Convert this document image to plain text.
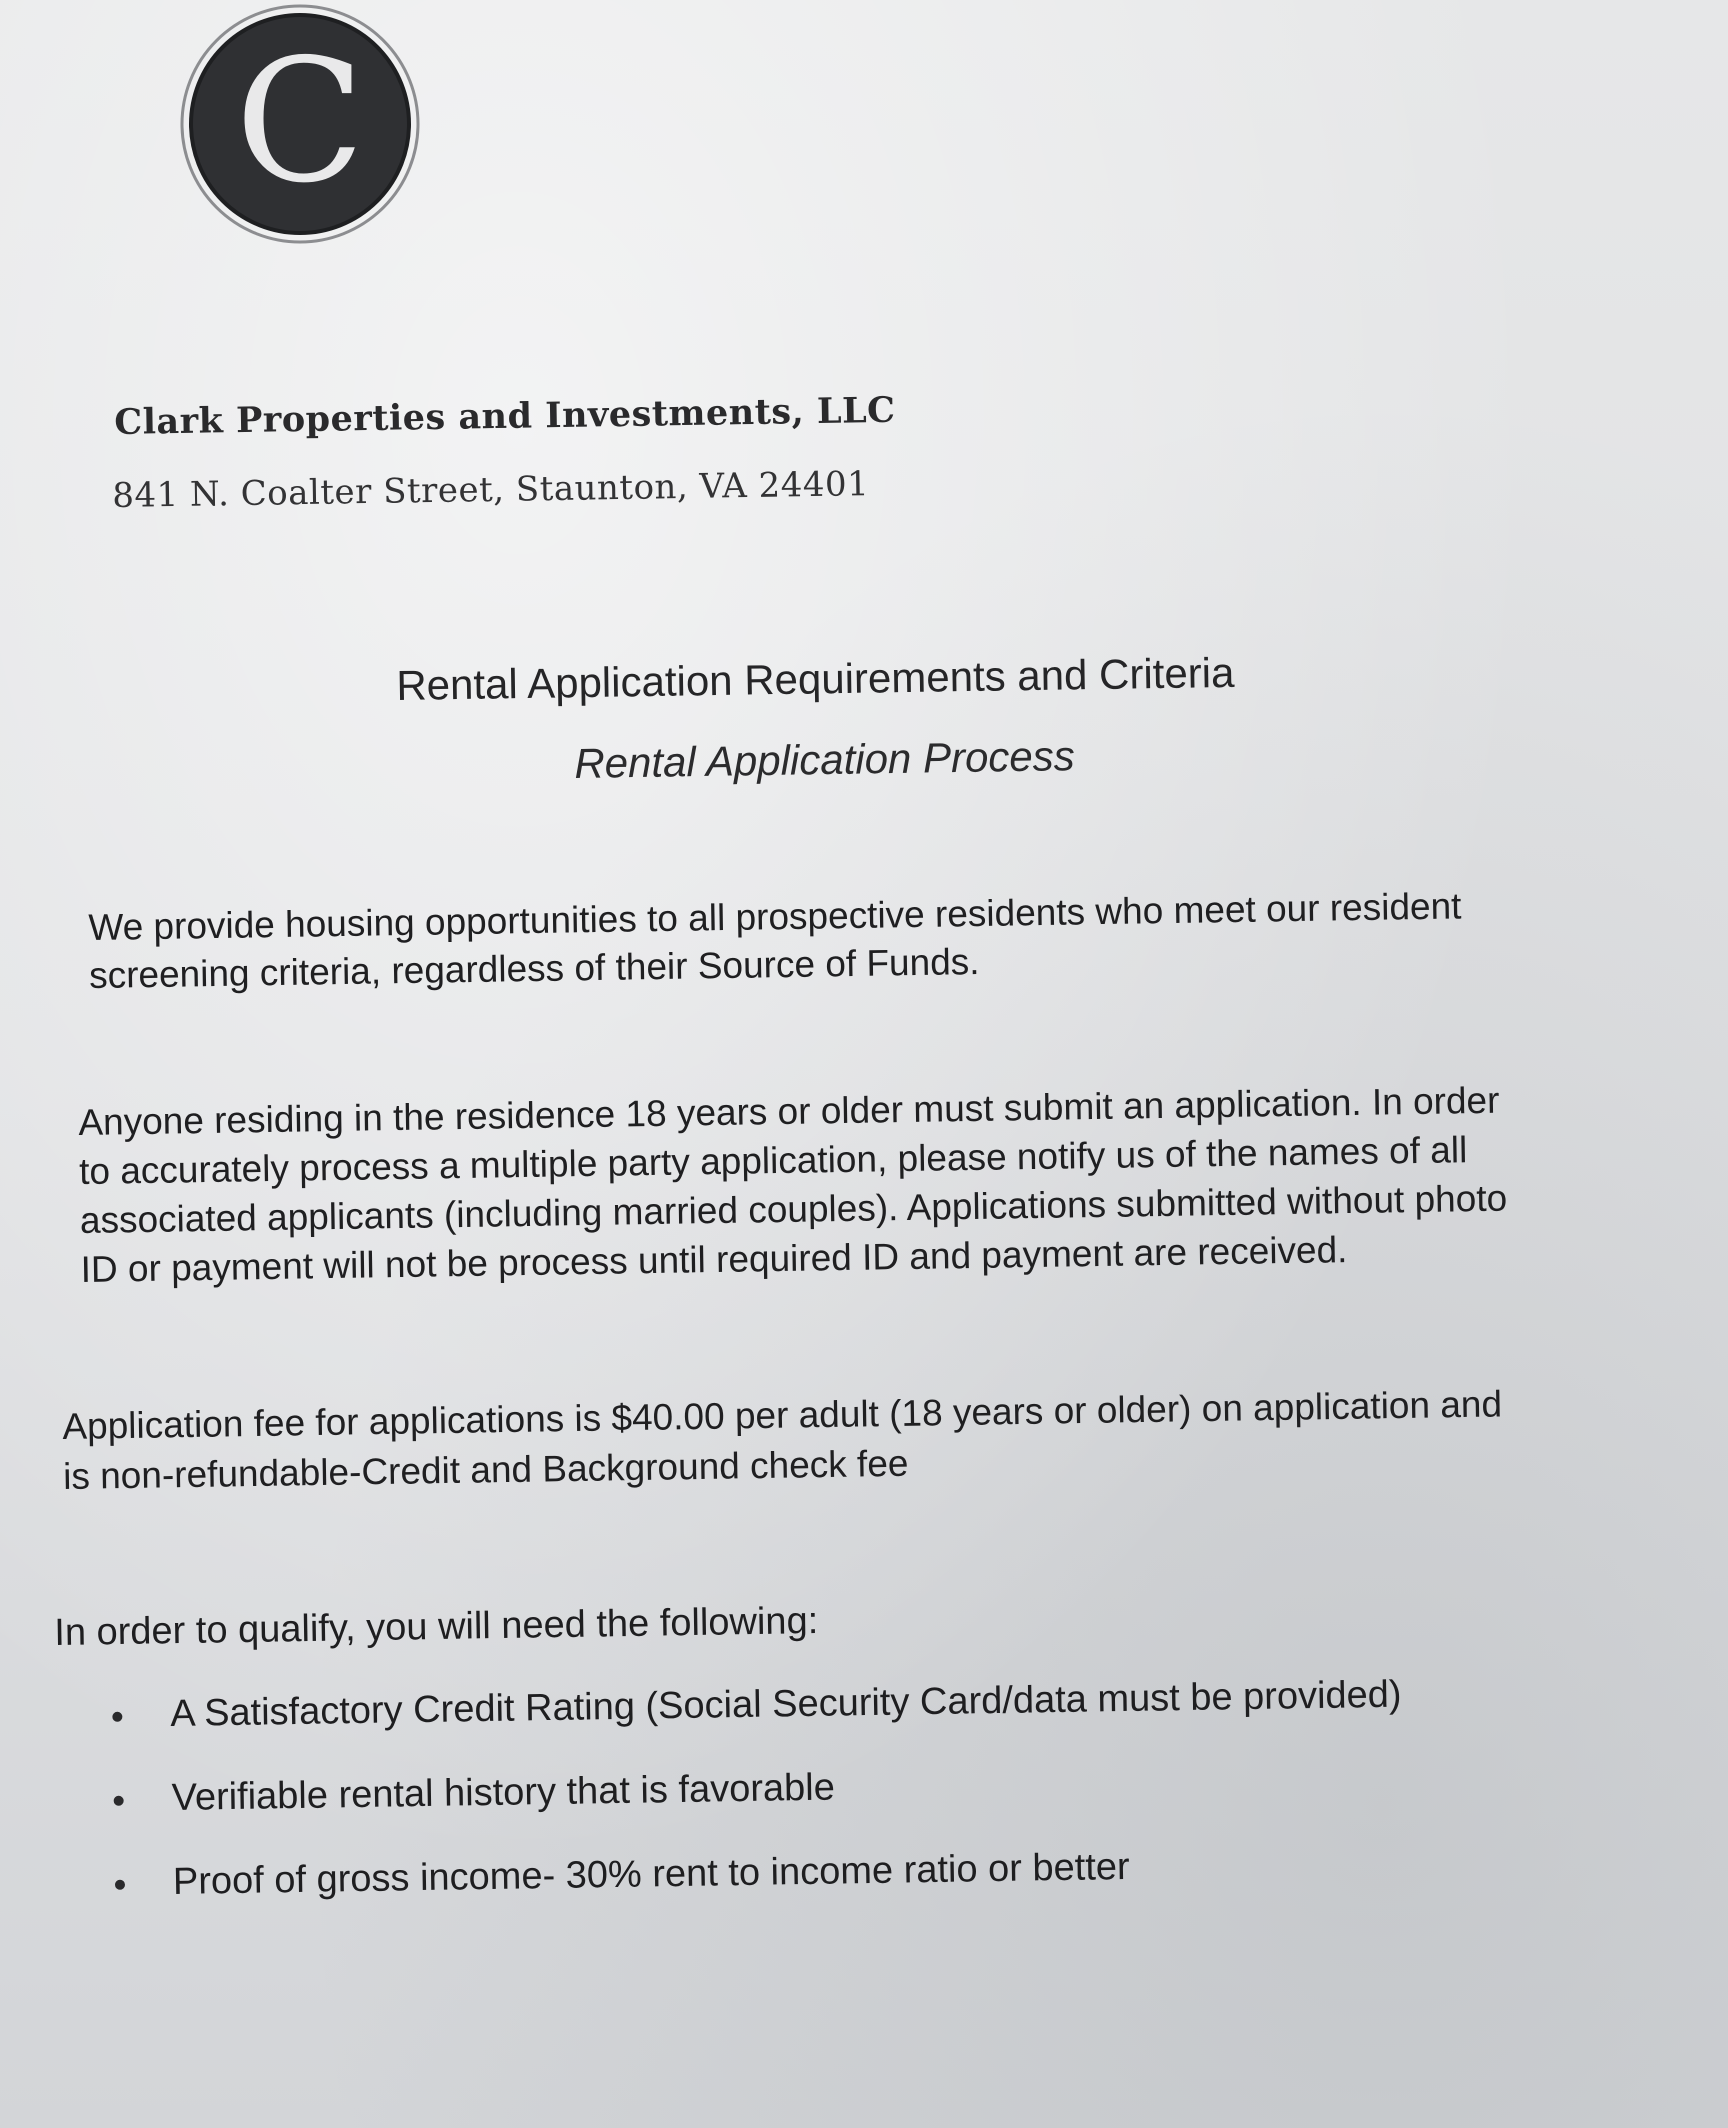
C
Clark Properties and Investments, LLC
841 N. Coalter Street, Staunton, VA 24401
Rental Application Requirements and Criteria
Rental Application Process

We provide housing opportunities to all prospective residents who meet our resident

screening criteria, regardless of their Source of Funds.

Anyone residing in the residence 18 years or older must submit an application. In order

to accurately process a multiple party application, please notify us of the names of all

associated applicants (including married couples). Applications submitted without photo

ID or payment will not be process until required ID and payment are received.

Application fee for applications is $40.00 per adult (18 years or older) on application and

is non-refundable-Credit and Background check fee

In order to qualify, you will need the following:
A Satisfactory Credit Rating (Social Security Card/data must be provided)
Verifiable rental history that is favorable
Proof of gross income- 30% rent to income ratio or better
